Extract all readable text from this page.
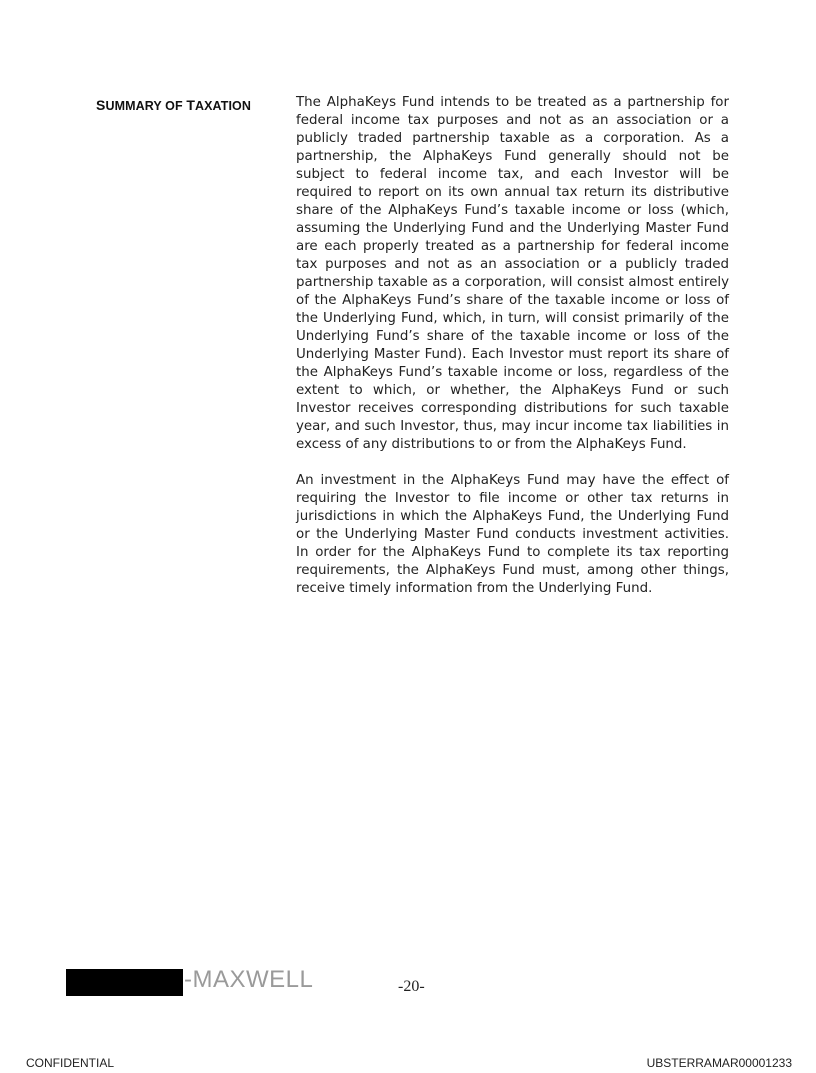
SUMMARY OF TAXATION	The AlphaKeys Fund intends to be treated as a partnership for federal income tax purposes and not as an association or a publicly traded partnership taxable as a corporation. As a partnership, the AlphaKeys Fund generally should not be subject to federal income tax, and each Investor will be required to report on its own annual tax return its distributive share of the AlphaKeys Fund’s taxable income or loss (which, assuming the Underlying Fund and the Underlying Master Fund are each properly treated as a partnership for federal income tax purposes and not as an association or a publicly traded partnership taxable as a corporation, will consist almost entirely of the AlphaKeys Fund’s share of the taxable income or loss of the Underlying Fund, which, in turn, will consist primarily of the Underlying Fund’s share of the taxable income or loss of the Underlying Master Fund). Each Investor must report its share of the AlphaKeys Fund’s taxable income or loss, regardless of the extent to which, or whether, the AlphaKeys Fund or such Investor receives corresponding distributions for such taxable year, and such Investor, thus, may incur income tax liabilities in excess of any distributions to or from the AlphaKeys Fund.

An investment in the AlphaKeys Fund may have the effect of requiring the Investor to file income or other tax returns in jurisdictions in which the AlphaKeys Fund, the Underlying Fund or the Underlying Master Fund conducts investment activities. In order for the AlphaKeys Fund to complete its tax reporting requirements, the AlphaKeys Fund must, among other things, receive timely information from the Underlying Fund.

-MAXWELL	-20-
CONFIDENTIAL	UBSTERRAMAR00001233
